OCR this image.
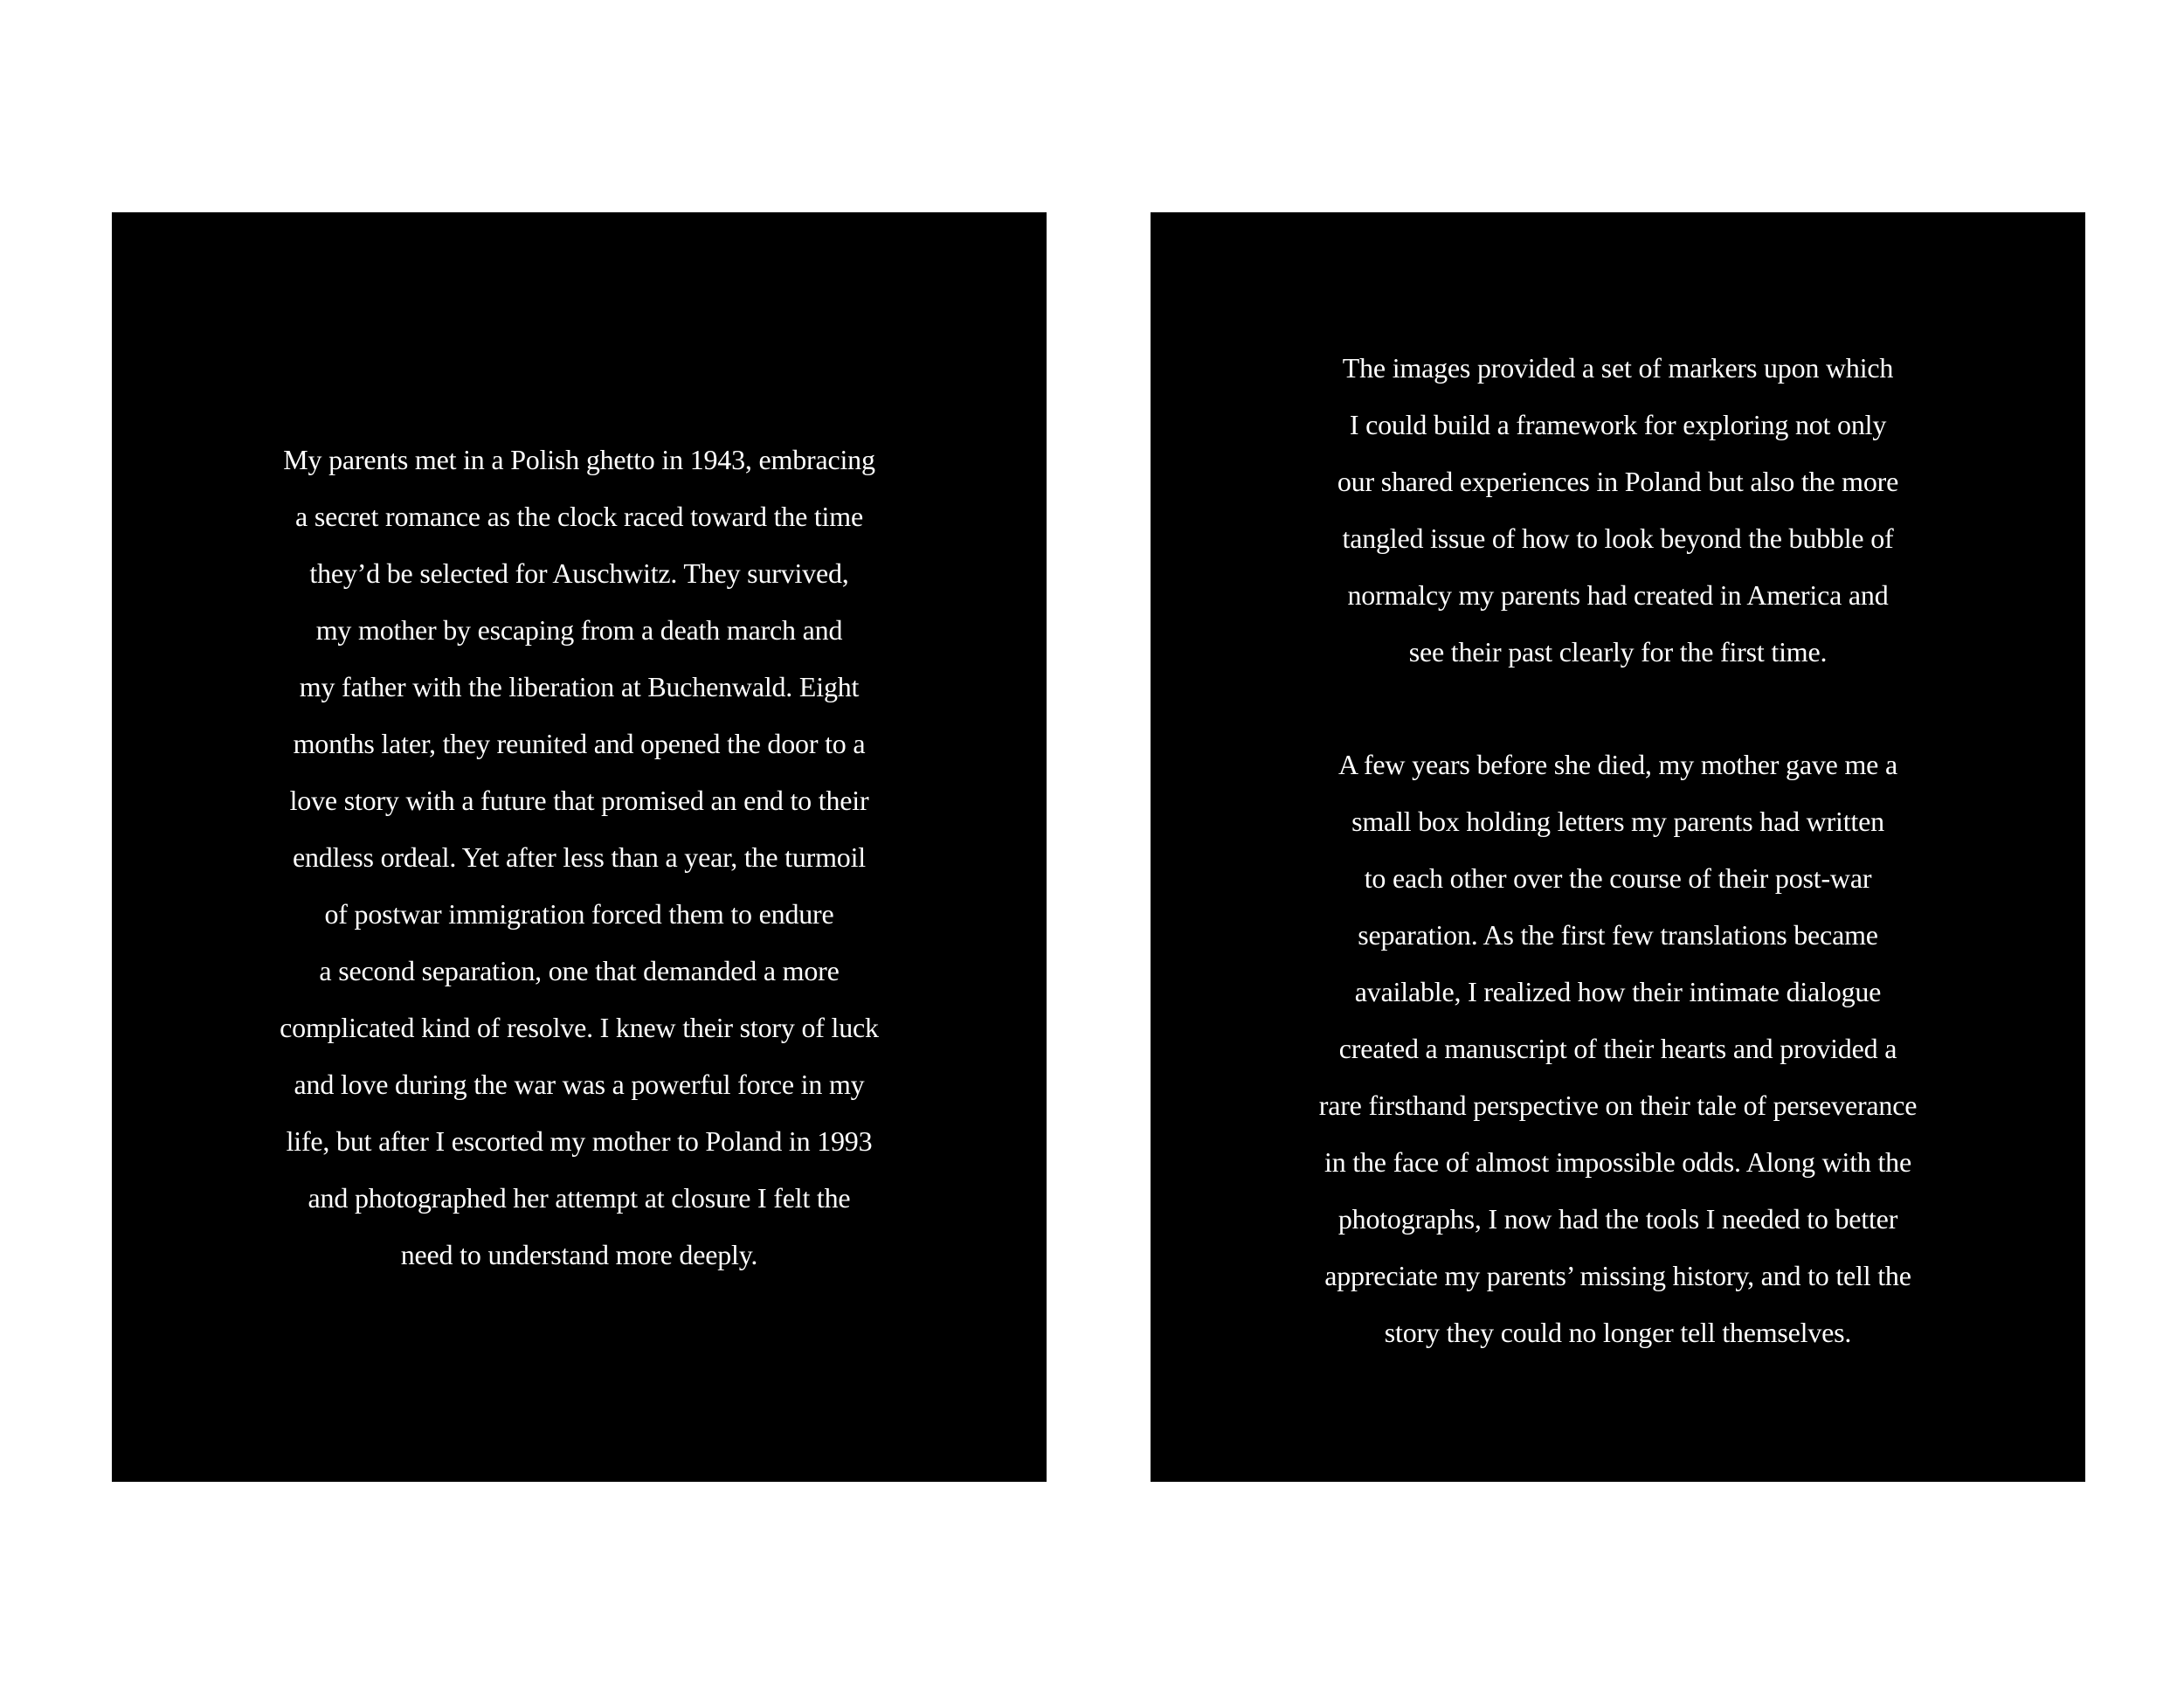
My parents met in a Polish ghetto in 1943, embracing
a secret romance as the clock raced toward the time
they’d be selected for Auschwitz. They survived,
my mother by escaping from a death march and
my father with the liberation at Buchenwald. Eight
months later, they reunited and opened the door to a
love story with a future that promised an end to their
endless ordeal. Yet after less than a year, the turmoil
of postwar immigration forced them to endure
a second separation, one that demanded a more
complicated kind of resolve. I knew their story of luck
and love during the war was a powerful force in my
life, but after I escorted my mother to Poland in 1993
and photographed her attempt at closure I felt the
need to understand more deeply.
The images provided a set of markers upon which
I could build a framework for exploring not only
our shared experiences in Poland but also the more
tangled issue of how to look beyond the bubble of
normalcy my parents had created in America and
see their past clearly for the first time.
A few years before she died, my mother gave me a
small box holding letters my parents had written
to each other over the course of their post-war
separation. As the first few translations became
available, I realized how their intimate dialogue
created a manuscript of their hearts and provided a
rare firsthand perspective on their tale of perseverance
in the face of almost impossible odds. Along with the
photographs, I now had the tools I needed to better
appreciate my parents’ missing history, and to tell the
story they could no longer tell themselves.
